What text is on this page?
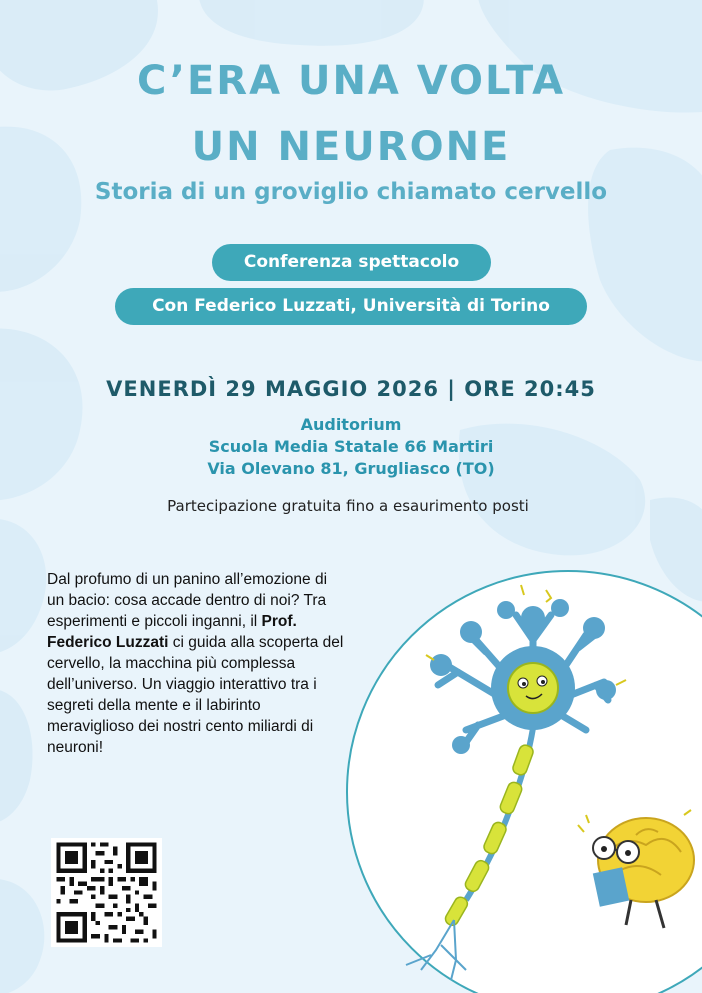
C’ERA UNA VOLTA
UN NEURONE
Storia di un groviglio chiamato cervello
Conferenza spettacolo
Con Federico Luzzati, Università di Torino
VENERDÌ 29 MAGGIO 2026 | ORE 20:45
Auditorium
Scuola Media Statale 66 Martiri
Via Olevano 81, Grugliasco (TO)
Partecipazione gratuita fino a esaurimento posti
Dal profumo di un panino all’emozione di un bacio: cosa accade dentro di noi? Tra esperimenti e piccoli inganni, il Prof. Federico Luzzati ci guida alla scoperta del cervello, la macchina più complessa dell’universo. Un viaggio interattivo tra i segreti della mente e il labirinto meraviglioso dei nostri cento miliardi di neuroni!
